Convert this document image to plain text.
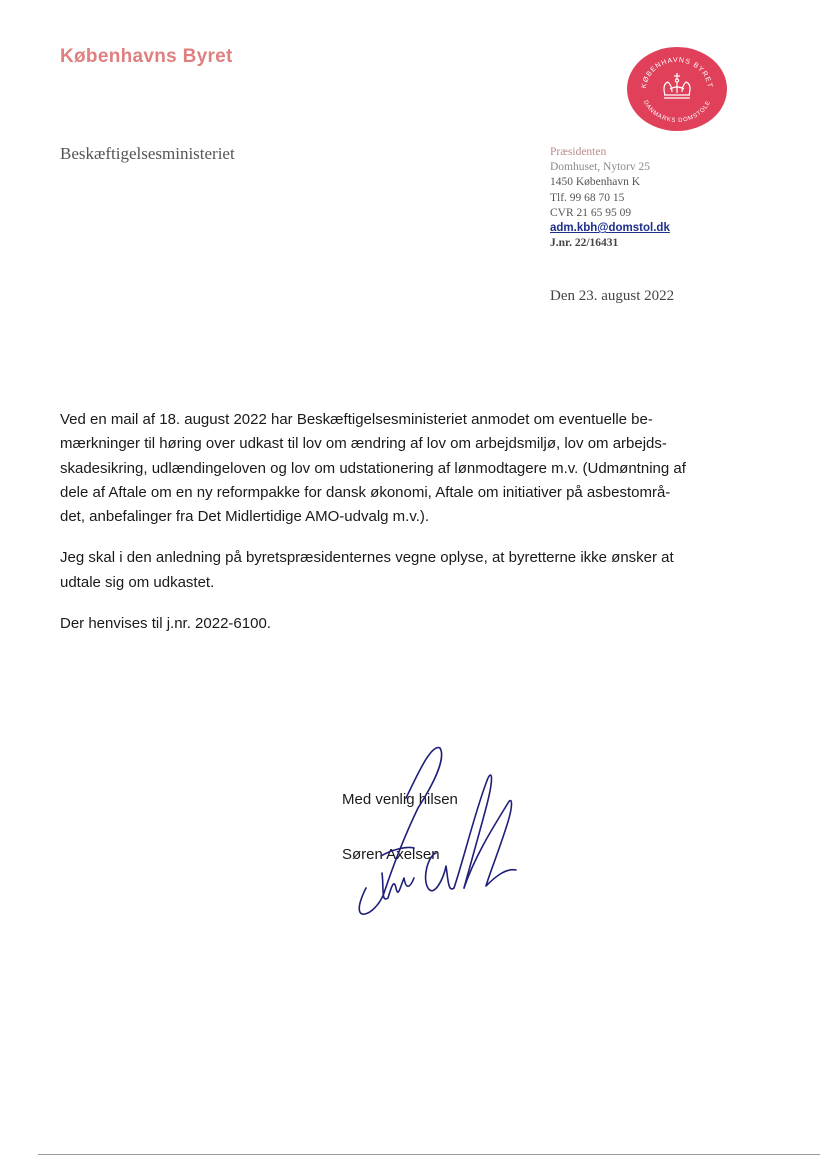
Københavns Byret
KØBENHAVNS BYRET
DANMARKS DOMSTOLE
Beskæftigelsesministeriet	Præsidenten
Domhuset, Nytorv 25
1450 København K
Tlf. 99 68 70 15
CVR 21 65 95 09
adm.kbh@domstol.dk
J.nr. 22/16431
Den 23. august 2022

Ved en mail af 18. august 2022 har Beskæftigelsesministeriet anmodet om eventuelle be-
mærkninger til høring over udkast til lov om ændring af lov om arbejdsmiljø, lov om arbejds-
skadesikring, udlændingeloven og lov om udstationering af lønmodtagere m.v. (Udmøntning af
dele af Aftale om en ny reformpakke for dansk økonomi, Aftale om initiativer på asbestområ-
det, anbefalinger fra Det Midlertidige AMO-udvalg m.v.).

Jeg skal i den anledning på byretspræsidenternes vegne oplyse, at byretterne ikke ønsker at
udtale sig om udkastet.

Der henvises til j.nr. 2022-6100.

Med venlig hilsen
Søren Axelsen
